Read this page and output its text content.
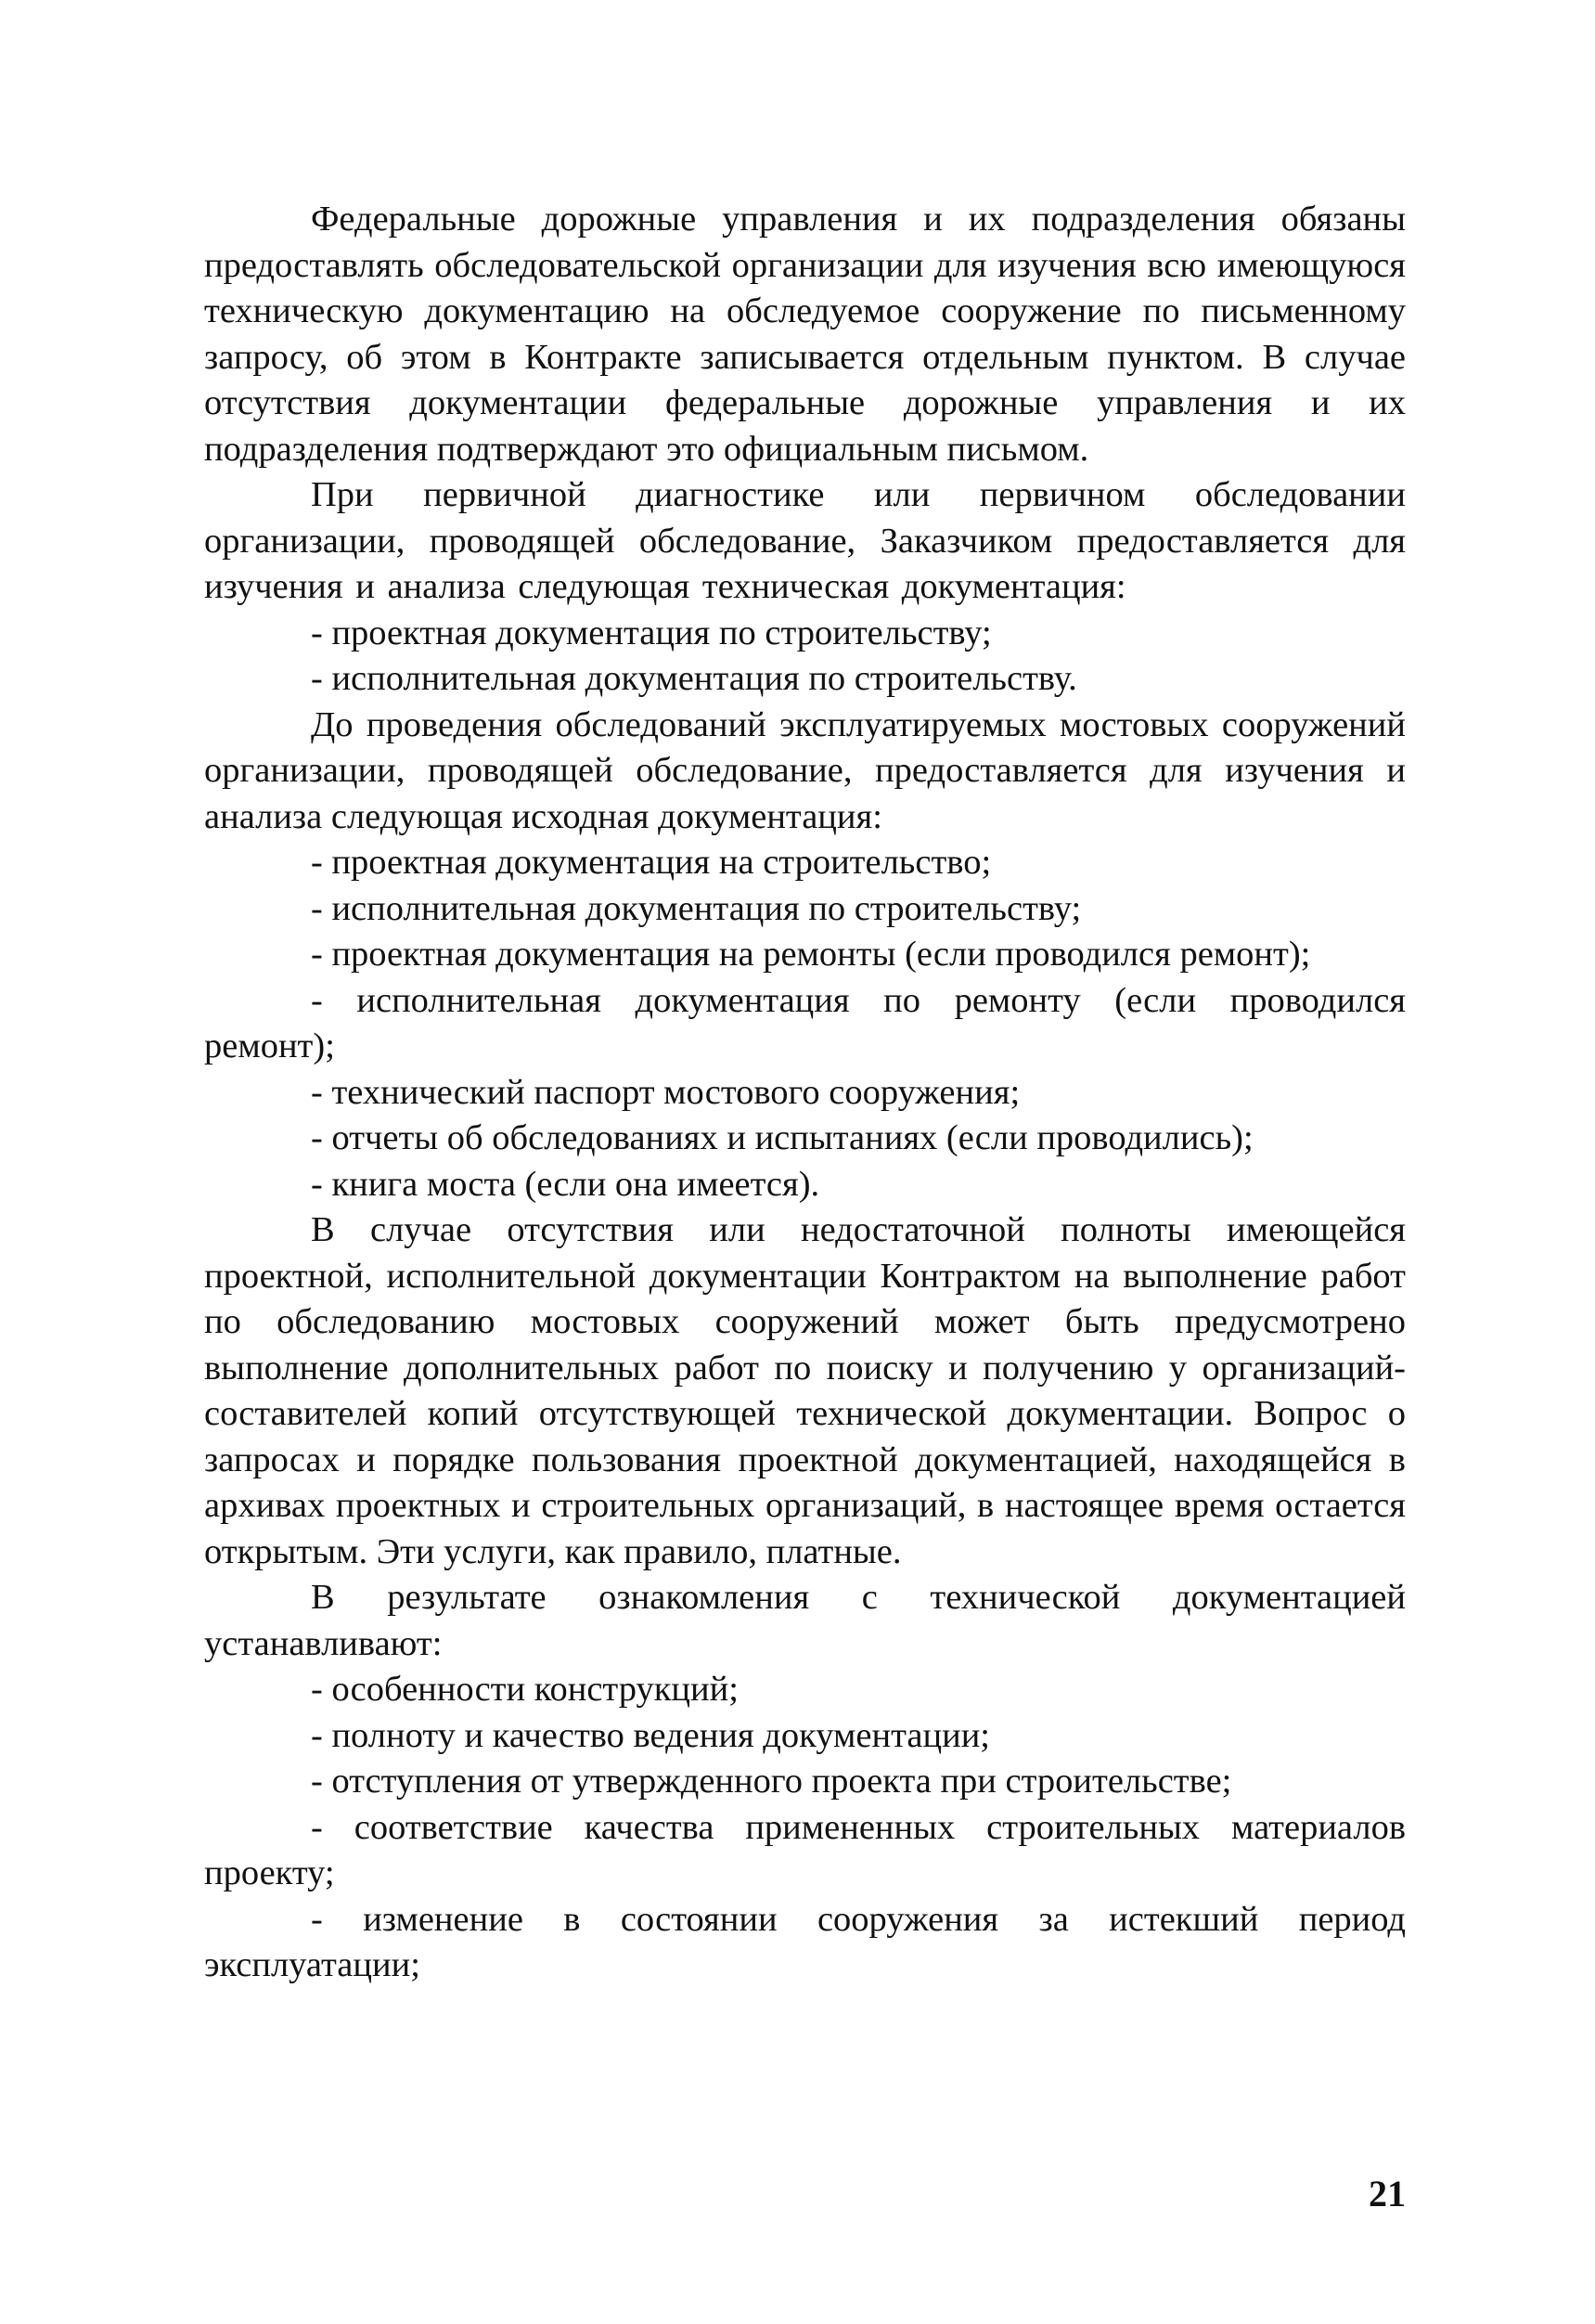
Федеральные дорожные управления и их подразделения обязаны предоставлять обследовательской организации для изучения всю имеющуюся техническую документацию на обследуемое сооружение по письменному запросу, об этом в Контракте записывается отдельным пунктом. В случае отсутствия документации федеральные дорожные управления и их подразделения подтверждают это официальным письмом.

При первичной диагностике или первичном обследовании организации, проводящей обследование, Заказчиком предоставляется для изучения и анализа следующая техническая документация:

- проектная документация по строительству;

- исполнительная документация по строительству.

До проведения обследований эксплуатируемых мостовых сооружений организации, проводящей обследование, предоставляется для изучения и анализа следующая исходная документация:

- проектная документация на строительство;

- исполнительная документация по строительству;

- проектная документация на ремонты (если проводился ремонт);

- исполнительная документация по ремонту (если проводился ремонт);

- технический паспорт мостового сооружения;

- отчеты об обследованиях и испытаниях (если проводились);

- книга моста (если она имеется).

В случае отсутствия или недостаточной полноты имеющейся проектной, исполнительной документации Контрактом на выполнение работ по обследованию мостовых сооружений может быть предусмотрено выполнение дополнительных работ по поиску и получению у организаций-составителей копий отсутствующей технической документации. Вопрос о запросах и порядке пользования проектной документацией, находящейся в архивах проектных и строительных организаций, в настоящее время остается открытым. Эти услуги, как правило, платные.

В результате ознакомления с технической документацией устанавливают:

- особенности конструкций;

- полноту и качество ведения документации;

- отступления от утвержденного проекта при строительстве;

- соответствие качества примененных строительных материалов проекту;

- изменение в состоянии сооружения за истекший период эксплуатации;

21
